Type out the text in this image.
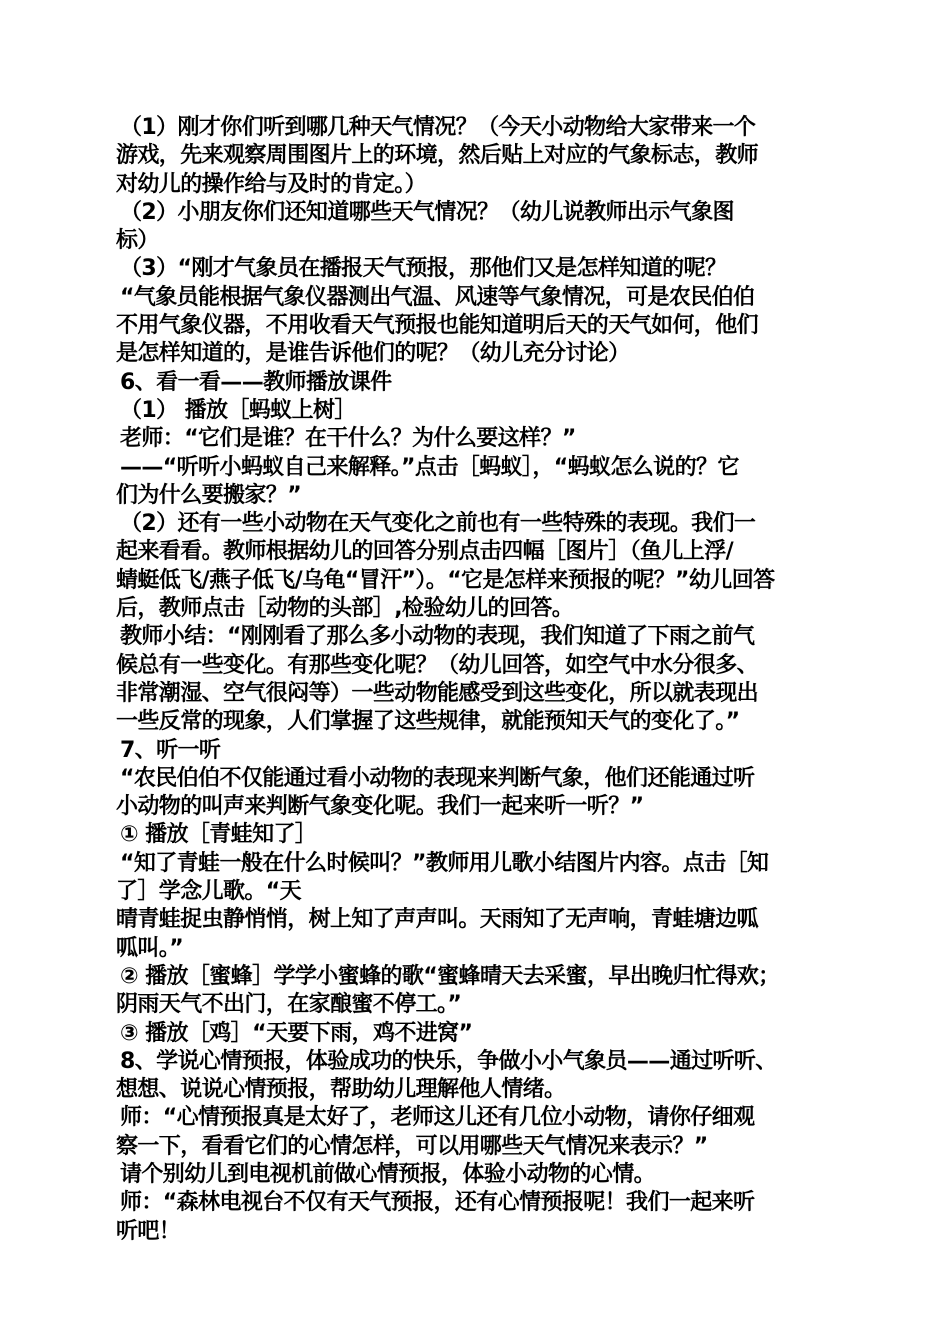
（1）刚才你们听到哪几种天气情况？（今天小动物给大家带来一个
游戏，先来观察周围图片上的环境，然后贴上对应的气象标志，教师
对幼儿的操作给与及时的肯定。）
（2）小朋友你们还知道哪些天气情况？（幼儿说教师出示气象图
标）
（3）“刚才气象员在播报天气预报，那他们又是怎样知道的呢？
“气象员能根据气象仪器测出气温、风速等气象情况，可是农民伯伯
不用气象仪器，不用收看天气预报也能知道明后天的天气如何，他们
是怎样知道的，是谁告诉他们的呢？（幼儿充分讨论）
6、看一看——教师播放课件
（1） 播放［蚂蚁上树］
老师：“它们是谁？在干什么？为什么要这样？”
——“听听小蚂蚁自己来解释。”点击［蚂蚁］，“蚂蚁怎么说的？它
们为什么要搬家？”
（2）还有一些小动物在天气变化之前也有一些特殊的表现。我们一
起来看看。教师根据幼儿的回答分别点击四幅［图片］（鱼儿上浮/
蜻蜓低飞/燕子低飞/乌龟“冒汗”）。“它是怎样来预报的呢？”幼儿回答
后，教师点击［动物的头部］,检验幼儿的回答。
教师小结：“刚刚看了那么多小动物的表现，我们知道了下雨之前气
候总有一些变化。有那些变化呢？（幼儿回答，如空气中水分很多、
非常潮湿、空气很闷等）一些动物能感受到这些变化，所以就表现出
一些反常的现象，人们掌握了这些规律，就能预知天气的变化了。”
7、听一听
“农民伯伯不仅能通过看小动物的表现来判断气象，他们还能通过听
小动物的叫声来判断气象变化呢。我们一起来听一听？”
① 播放［青蛙知了］
“知了青蛙一般在什么时候叫？”教师用儿歌小结图片内容。点击［知
了］学念儿歌。“天
晴青蛙捉虫静悄悄，树上知了声声叫。天雨知了无声响，青蛙塘边呱
呱叫。”
② 播放［蜜蜂］学学小蜜蜂的歌“蜜蜂晴天去采蜜，早出晚归忙得欢；
阴雨天气不出门，在家酿蜜不停工。”
③ 播放［鸡］“天要下雨，鸡不进窝”
8、学说心情预报，体验成功的快乐，争做小小气象员——通过听听、
想想、说说心情预报，帮助幼儿理解他人情绪。
师：“心情预报真是太好了，老师这儿还有几位小动物，请你仔细观
察一下，看看它们的心情怎样，可以用哪些天气情况来表示？”
请个别幼儿到电视机前做心情预报，体验小动物的心情。
师：“森林电视台不仅有天气预报，还有心情预报呢！我们一起来听
听吧！
